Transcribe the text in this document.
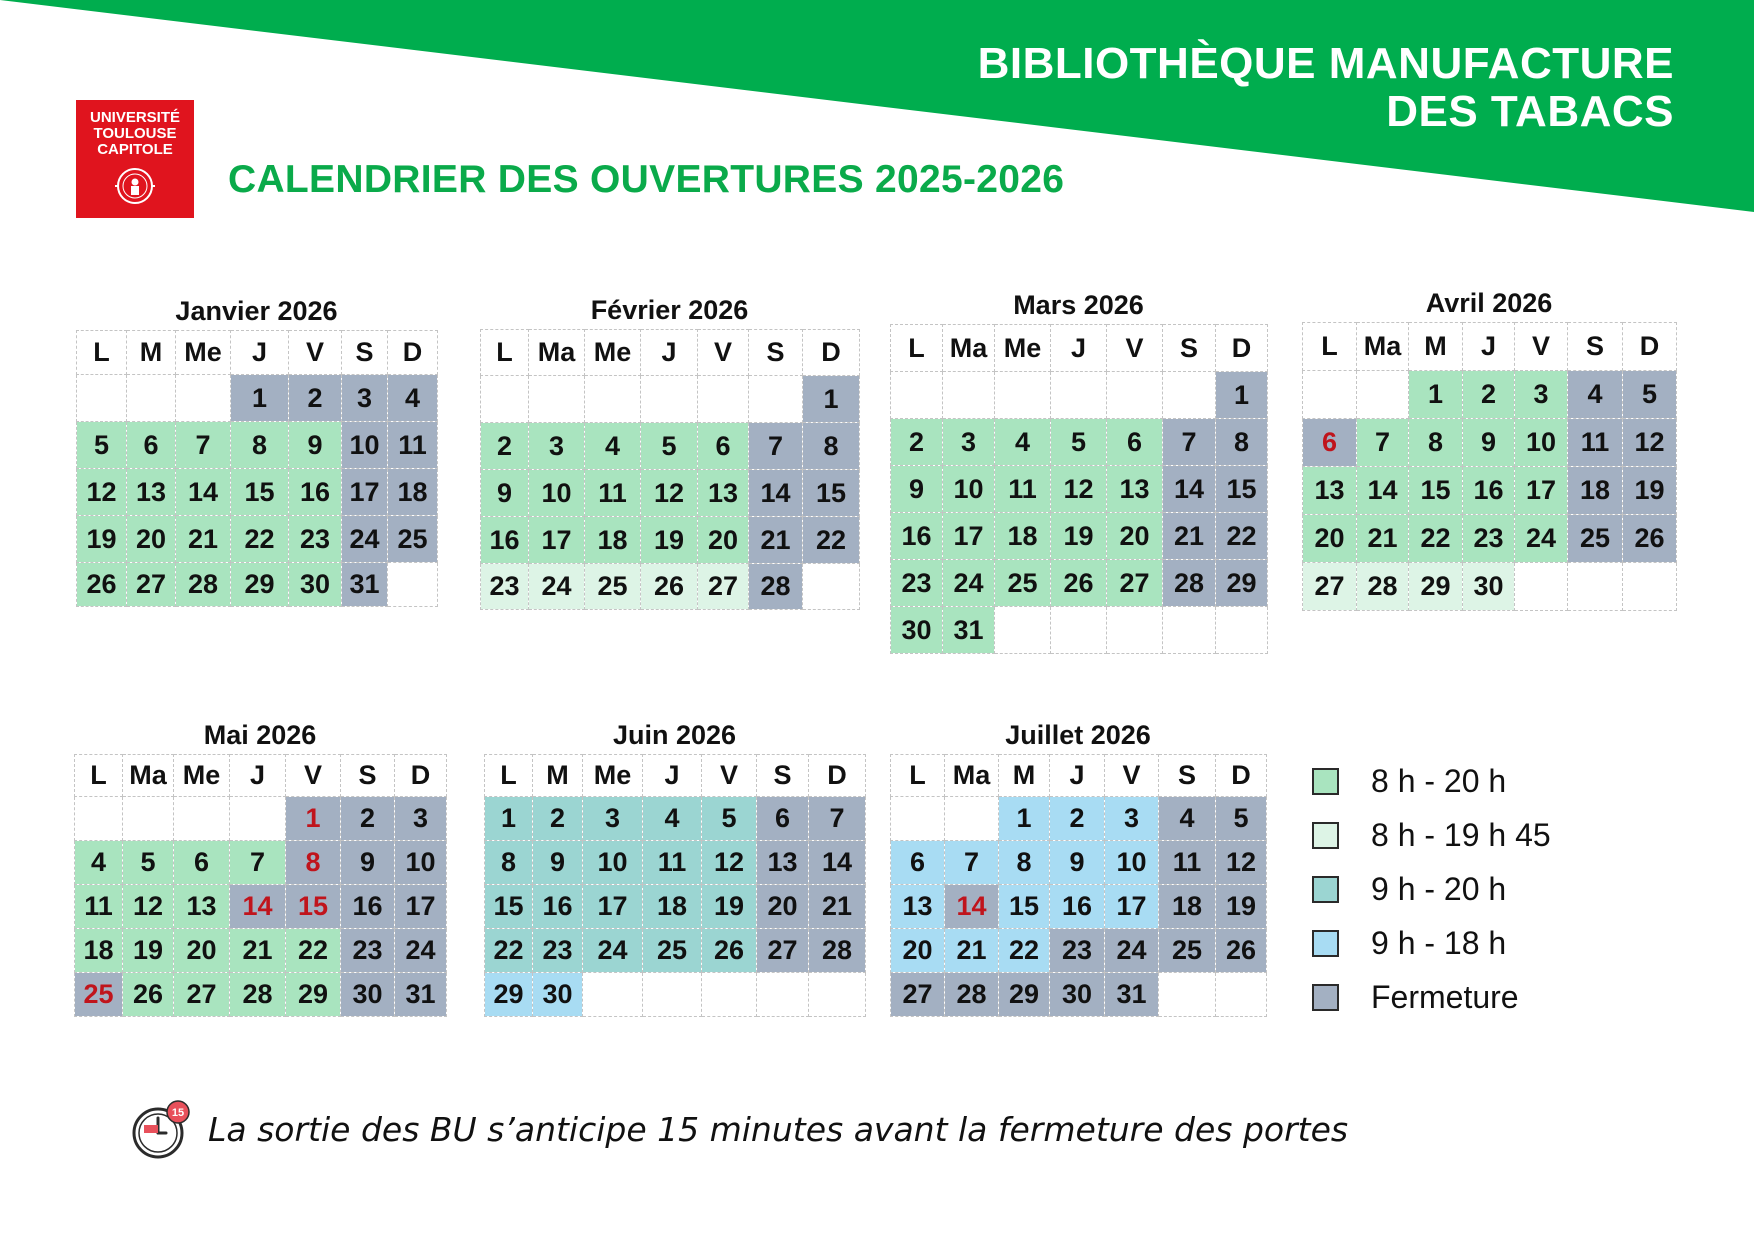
BIBLIOTHÈQUE MANUFACTURE
DES TABACS
UNIVERSITÉ
TOULOUSE
CAPITOLE
CALENDRIER DES OUVERTURES 2025-2026
Janvier 2026
L	M	Me	J	V	S	D
			1	2	3	4
5	6	7	8	9	10	11
12	13	14	15	16	17	18
19	20	21	22	23	24	25
26	27	28	29	30	31	
Février 2026
L	Ma	Me	J	V	S	D
						1
2	3	4	5	6	7	8
9	10	11	12	13	14	15
16	17	18	19	20	21	22
23	24	25	26	27	28	
Mars 2026
L	Ma	Me	J	V	S	D
						1
2	3	4	5	6	7	8
9	10	11	12	13	14	15
16	17	18	19	20	21	22
23	24	25	26	27	28	29
30	31					
Avril 2026
L	Ma	M	J	V	S	D
		1	2	3	4	5
6	7	8	9	10	11	12
13	14	15	16	17	18	19
20	21	22	23	24	25	26
27	28	29	30			
Mai 2026
L	Ma	Me	J	V	S	D
				1	2	3
4	5	6	7	8	9	10
11	12	13	14	15	16	17
18	19	20	21	22	23	24
25	26	27	28	29	30	31
Juin 2026
L	M	Me	J	V	S	D
1	2	3	4	5	6	7
8	9	10	11	12	13	14
15	16	17	18	19	20	21
22	23	24	25	26	27	28
29	30					
Juillet 2026
L	Ma	M	J	V	S	D
		1	2	3	4	5
6	7	8	9	10	11	12
13	14	15	16	17	18	19
20	21	22	23	24	25	26
27	28	29	30	31		
8 h - 20 h
8 h - 19 h 45
9 h - 20 h
9 h - 18 h
Fermeture
15 La sortie des BU s’anticipe 15 minutes avant la fermeture des portes
